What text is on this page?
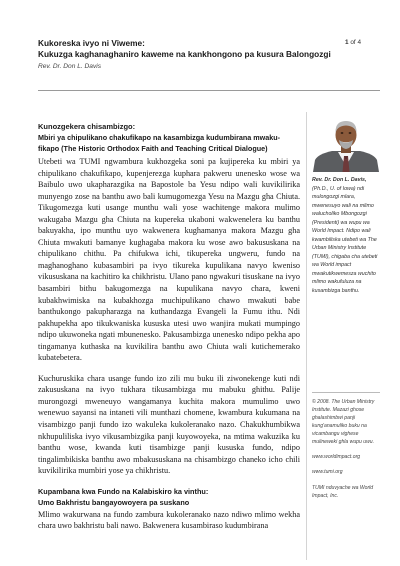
Kukoreska ivyo ni Viweme:
Kukuzga kaghanaghaniro kaweme na kankhongono pa kusura Balongozgi
Rev. Dr. Don L. Davis
1 of 4
Kunozgekera chisambizgo:
Mbiri ya chipulikano chakufikapo na kasambizga kudumbirana mwaku-fikapo (The Historic Orthodox Faith and Teaching Critical Dialogue)

Utebeti wa TUMI ngwambura kukhozgeka soni pa kujipereka ku mbiri ya chipulikano chakufikapo, kupenjerezga kuphara pakweru unenesko wose wa Baibulo uwo ukapharazgika na Bapostole ba Yesu ndipo wali kuvikilirika munyengo zose na banthu awo bali kumugomezga Yesu na Mazgu gha Chiuta. Tikugomezga kuti usange munthu wali yose wachitenge makora mulimo wakugaba Mazgu gha Chiuta na kupereka ukaboni wakwenelera ku banthu bakuyakha, ipo munthu uyo wakwenera kughamanya makora Mazgu gha Chiuta mwakuti bamanye kughagaba makora ku wose awo bakususkana na chipulikano chithu. Pa chifukwa ichi, tikupereka ungweru, fundo na maghanoghano kubasambiri pa ivyo tikureka kupulikana navyo kweniso vikususkana na kachitiro ka chikhristu. Ulano pano ngwakuri tisuskane na ivyo basambiri bithu bakugomezga na kupulikana navyo chara, kweni kubakhwimiska na kubakhozga muchipulikano chawo mwakuti babe banthukongo pakupharazga na kuthandazga Evangeli la Fumu ithu. Ndi pakhupekha apo tikukwaniska kususka utesi uwo wanjira mukati mumpingo ndipo ukuwoneka ngati mbunenesko. Pakusambizga unenesko ndipo pekha apo tingamanya kuthaska na kuvikilira banthu awo Chiuta wali kutichemerako kubatebetera.

Kuchuruskika chara usange fundo izo zili mu buku ili ziwonekenge kuti ndi zakususkana na ivyo tukhara tikusambizga mu mabuku ghithu. Palije murongozgi mweneuyo wangamanya kuchita makora mumulimo uwo wenewuo sayansi na intaneti vili munthazi chomene, kwambura kukumana na visambizgo panji fundo izo wakuleka kukoleranako nazo. Chakukhumbikwa nkhupuliliska ivyo vikusambizgika panji kuyowoyeka, na mtima wakuzika ku banthu wose, kwanda kuti tisambizge panji kususka fundo, ndipo tingalimbikiska banthu awo mbakususkana na chisambizgo chaneko icho chili kuvikilirika mumbiri yose ya chikhristu.

Kupambana kwa Fundo na Kalabiskiro ka vinthu:
Umo Bakhristu bangayowoyera pa suskano

Mlimo wakurwana na fundo zambura kukoleranako nazo ndiwo mlimo wekha chara uwo bakhristu bali nawo. Bakwenera kusambiraso kudumbirana

Rev. Dr. Don L. Davis, (Ph.D., U. of Iowa) ndi mulongozgi mlara, mwenesuyo wali na mlimo walucholiko Mbongozgi (Presidenti) wa wupu wa World Impact. Ndipo wali kwambiliska utebeti wa The Urban Ministry Institute (TUMI), chigaba cha utebeti wa World impact mwakutikwemesza wuchito mlimo wakufuluza na kusambizga banthu.
© 2008. The Urban Ministry Institute. Mazazi ghose ghalashimbwi panji kung'anamuliko buku na vicambangu vighese mulineweki ghla wupu uwu.
www.worldimpact.org
www.tumi.org
TUMI nduvyache wa World Impact, Inc.
